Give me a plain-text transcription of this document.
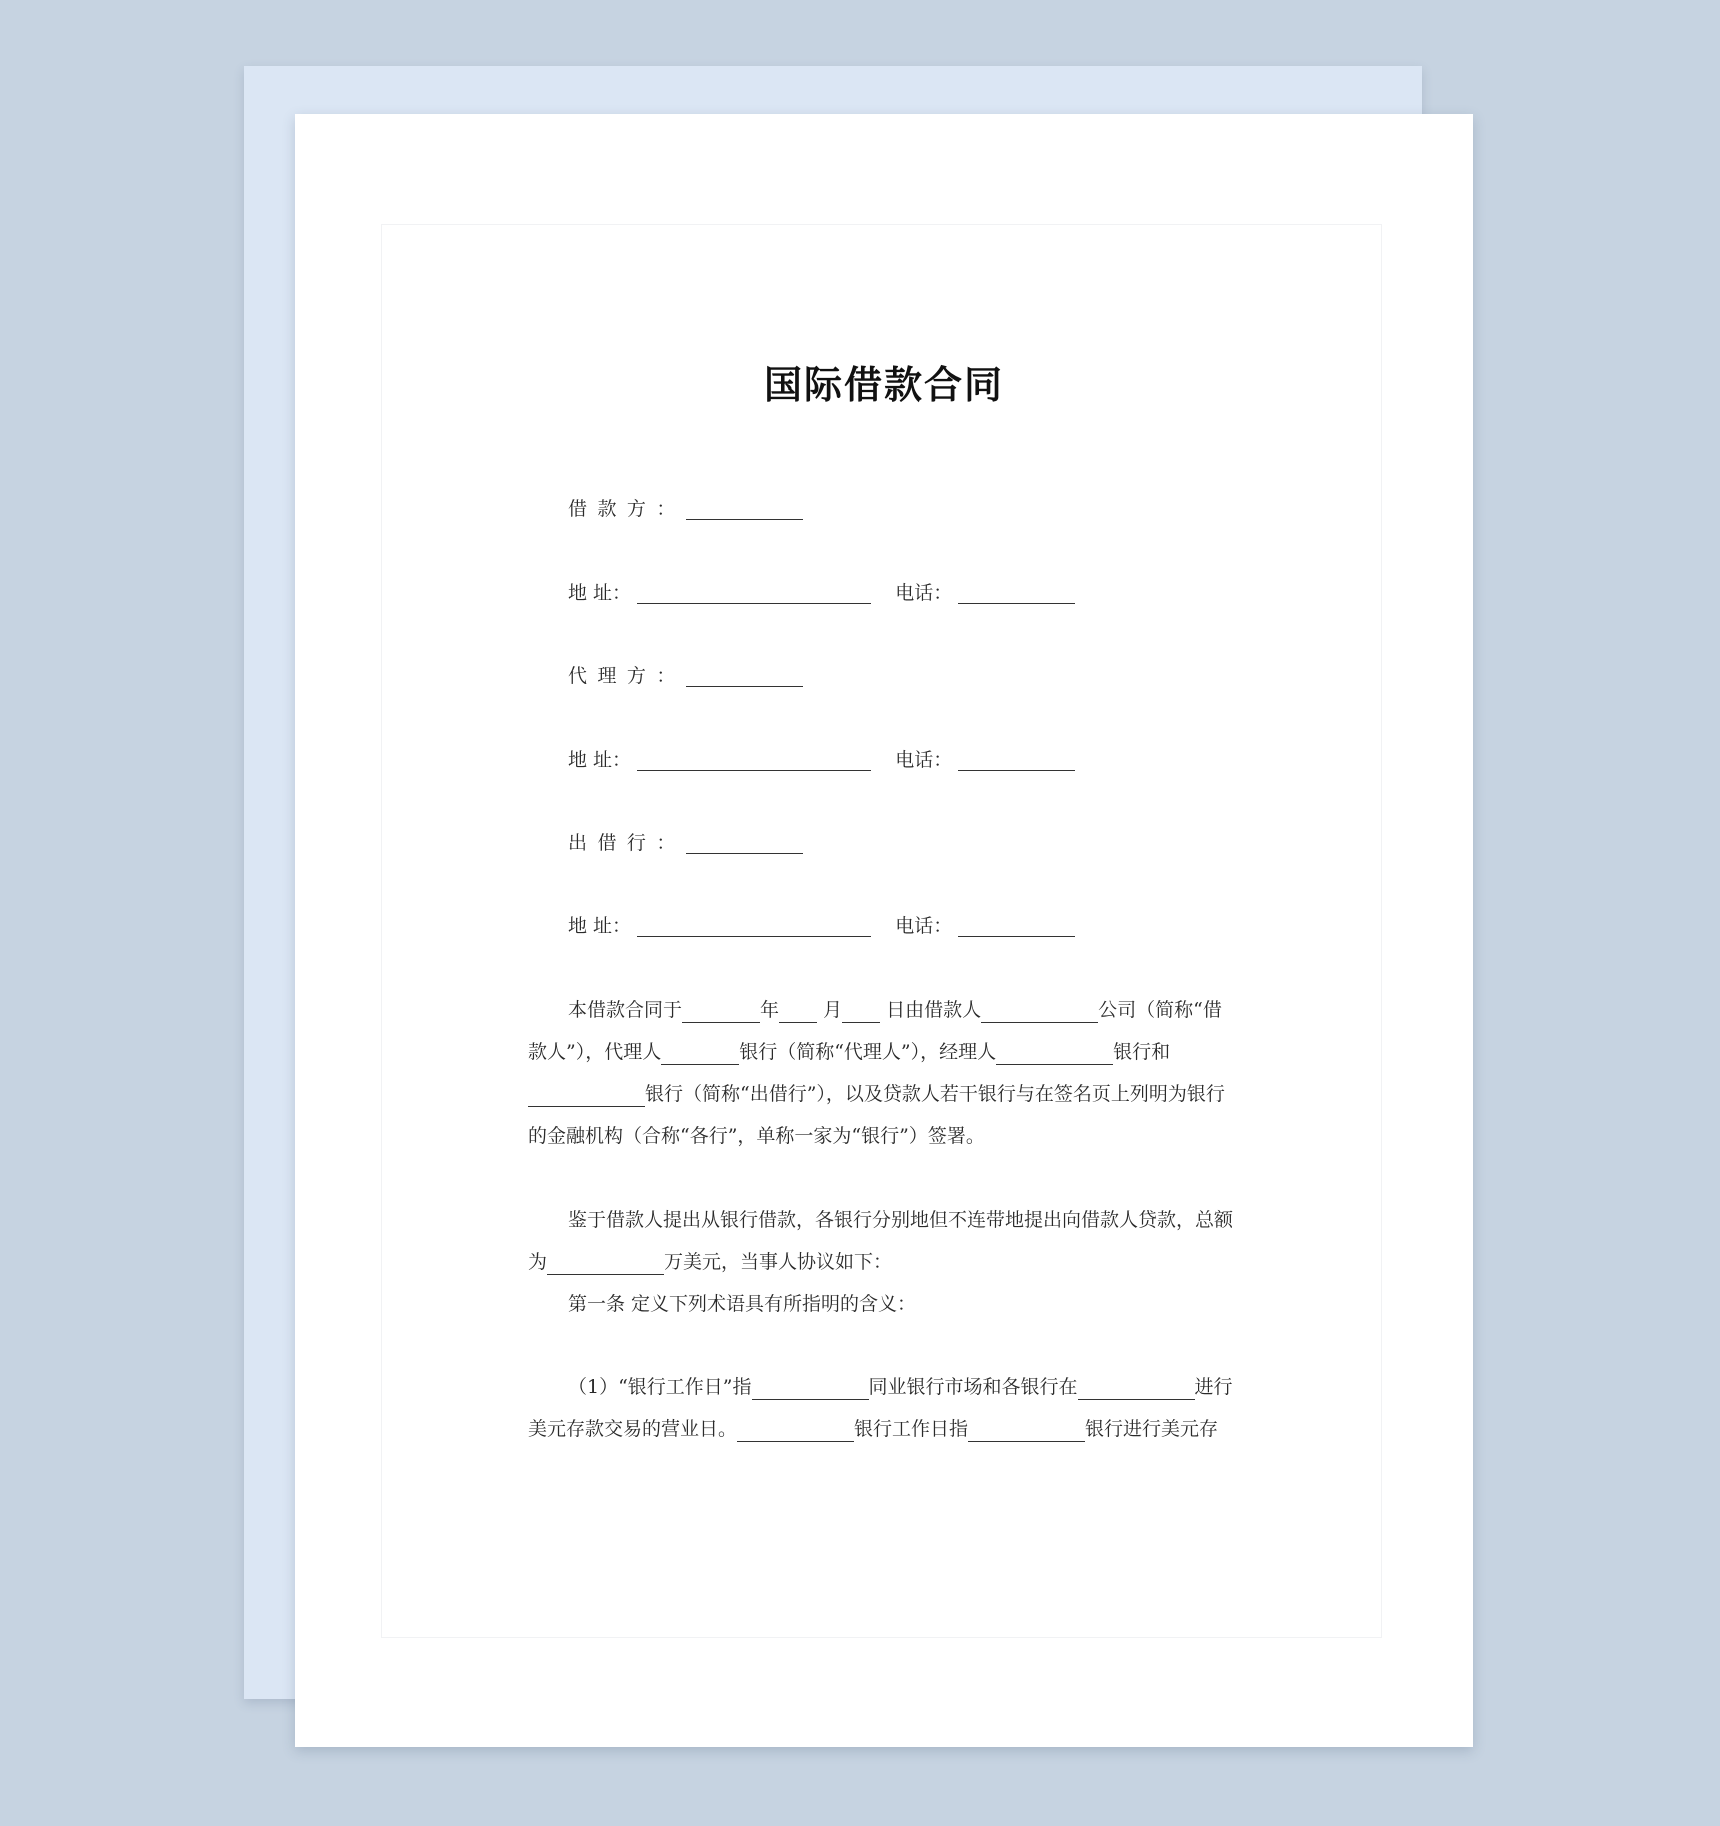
国际借款合同
借款方：
地 址：	电话：
代理方：
地 址：	电话：
出借行：
地 址：	电话：

本借款合同于	年 月 日由借款人	公司（简称“借款人”），代理人	银行（简称“代理人”），经理人	银行和银行（简称“出借行”），以及贷款人若干银行与在签名页上列明为银行的金融机构（合称“各行”，单称一家为“银行”）签署。

鉴于借款人提出从银行借款，各银行分别地但不连带地提出向借款人贷款，总额为	万美元，当事人协议如下：

第一条 定义下列术语具有所指明的含义：

（1）“银行工作日”指	同业银行市场和各银行在	进行美元存款交易的营业日。	银行工作日指	银行进行美元存
